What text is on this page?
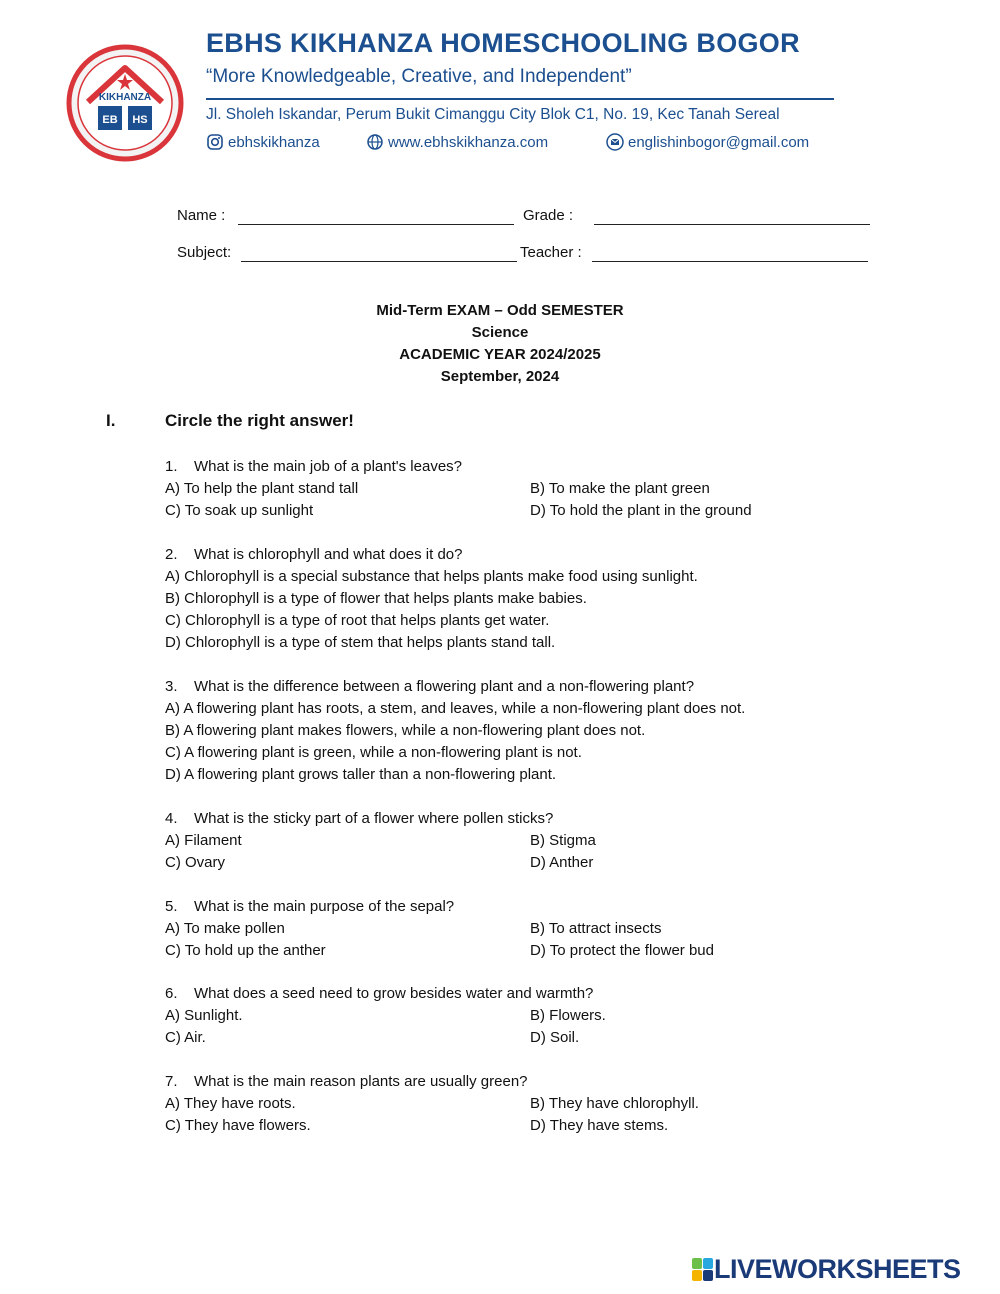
KIKHANZA
EB HS
EBHS KIKHANZA HOMESCHOOLING BOGOR
“More Knowledgeable, Creative, and Independent”
Jl. Sholeh Iskandar, Perum Bukit Cimanggu City Blok C1, No. 19, Kec Tanah Sereal
ebhskikhanza	www.ebhskikhanza.com	englishinbogor@gmail.com
Name :	Grade :
Subject:	Teacher :
Mid-Term EXAM – Odd SEMESTER
Science
ACADEMIC YEAR 2024/2025
September, 2024
I.	Circle the right answer!
1. What is the main job of a plant's leaves?
A) To help the plant stand tall	B) To make the plant green
C) To soak up sunlight	D) To hold the plant in the ground
2. What is chlorophyll and what does it do?
A) Chlorophyll is a special substance that helps plants make food using sunlight.
B) Chlorophyll is a type of flower that helps plants make babies.
C) Chlorophyll is a type of root that helps plants get water.
D) Chlorophyll is a type of stem that helps plants stand tall.
3. What is the difference between a flowering plant and a non-flowering plant?
A) A flowering plant has roots, a stem, and leaves, while a non-flowering plant does not.
B) A flowering plant makes flowers, while a non-flowering plant does not.
C) A flowering plant is green, while a non-flowering plant is not.
D) A flowering plant grows taller than a non-flowering plant.
4. What is the sticky part of a flower where pollen sticks?
A) Filament	B) Stigma
C) Ovary	D) Anther
5. What is the main purpose of the sepal?
A) To make pollen	B) To attract insects
C) To hold up the anther	D) To protect the flower bud
6. What does a seed need to grow besides water and warmth?
A) Sunlight.	B) Flowers.
C) Air.	D) Soil.
7. What is the main reason plants are usually green?
A) They have roots.	B) They have chlorophyll.
C) They have flowers.	D) They have stems.
LIVEWORKSHEETS
